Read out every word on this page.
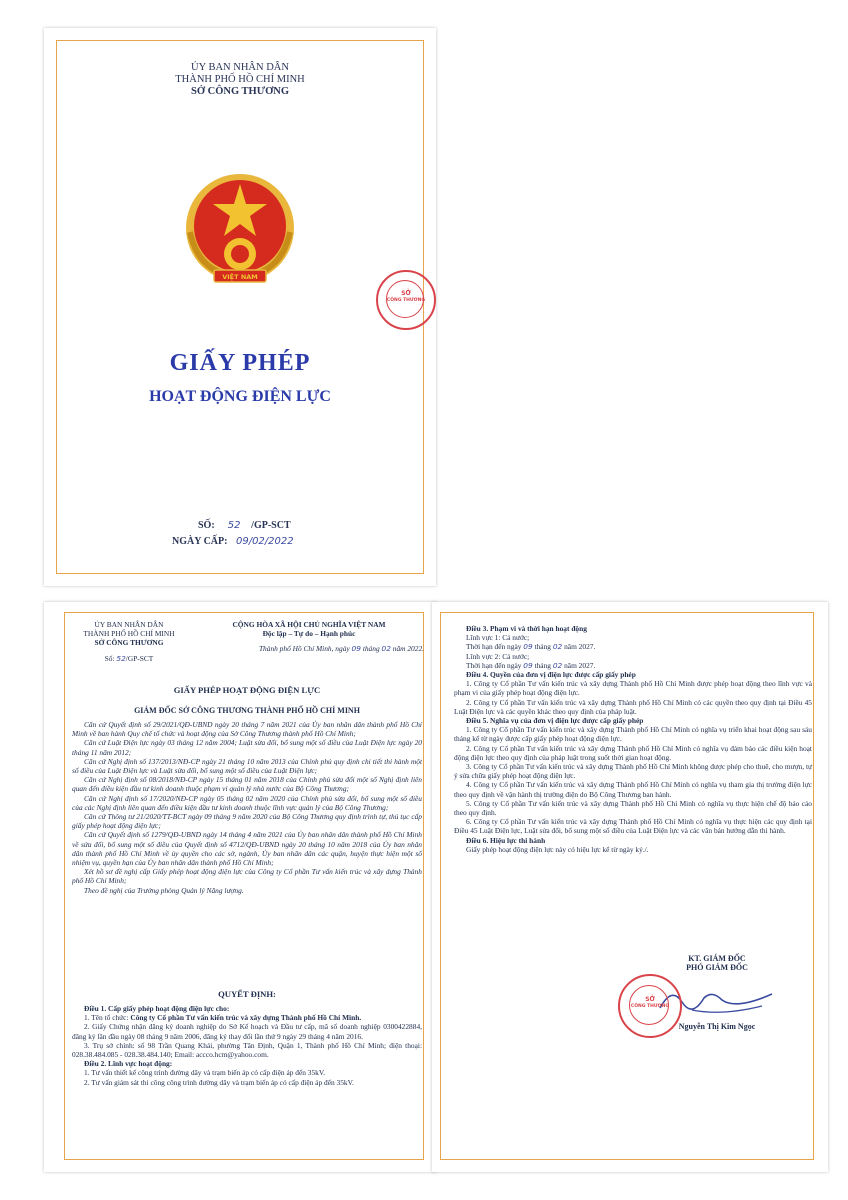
ỦY BAN NHÂN DÂN
THÀNH PHỐ HỒ CHÍ MINH
SỞ CÔNG THƯƠNG
VIỆT NAM
GIẤY PHÉP
HOẠT ĐỘNG ĐIỆN LỰC
SỐ: 52 /GP-SCT
NGÀY CẤP: 09/02/2022
SỞ
CÔNG THƯƠNG
ỦY BAN NHÂN DÂN
THÀNH PHỐ HỒ CHÍ MINH
SỞ CÔNG THƯƠNG
Số: 52/GP-SCT
CỘNG HÒA XÃ HỘI CHỦ NGHĨA VIỆT NAM
Độc lập – Tự do – Hạnh phúc
Thành phố Hồ Chí Minh, ngày 09 tháng 02 năm 2022.
GIẤY PHÉP HOẠT ĐỘNG ĐIỆN LỰC
GIÁM ĐỐC SỞ CÔNG THƯƠNG THÀNH PHỐ HỒ CHÍ MINH
Căn cứ Quyết định số 29/2021/QĐ-UBND ngày 20 tháng 7 năm 2021 của Ủy ban nhân dân thành phố Hồ Chí Minh về ban hành Quy chế tổ chức và hoạt động của Sở Công Thương thành phố Hồ Chí Minh;
Căn cứ Luật Điện lực ngày 03 tháng 12 năm 2004; Luật sửa đổi, bổ sung một số điều của Luật Điện lực ngày 20 tháng 11 năm 2012;
Căn cứ Nghị định số 137/2013/NĐ-CP ngày 21 tháng 10 năm 2013 của Chính phủ quy định chi tiết thi hành một số điều của Luật Điện lực và Luật sửa đổi, bổ sung một số điều của Luật Điện lực;
Căn cứ Nghị định số 08/2018/NĐ-CP ngày 15 tháng 01 năm 2018 của Chính phủ sửa đổi một số Nghị định liên quan đến điều kiện đầu tư kinh doanh thuộc phạm vi quản lý nhà nước của Bộ Công Thương;
Căn cứ Nghị định số 17/2020/NĐ-CP ngày 05 tháng 02 năm 2020 của Chính phủ sửa đổi, bổ sung một số điều của các Nghị định liên quan đến điều kiện đầu tư kinh doanh thuộc lĩnh vực quản lý của Bộ Công Thương;
Căn cứ Thông tư 21/2020/TT-BCT ngày 09 tháng 9 năm 2020 của Bộ Công Thương quy định trình tự, thủ tục cấp giấy phép hoạt động điện lực;
Căn cứ Quyết định số 1279/QĐ-UBND ngày 14 tháng 4 năm 2021 của Ủy ban nhân dân thành phố Hồ Chí Minh về sửa đổi, bổ sung một số điều của Quyết định số 4712/QĐ-UBND ngày 20 tháng 10 năm 2018 của Ủy ban nhân dân thành phố Hồ Chí Minh về ủy quyền cho các sở, ngành, Ủy ban nhân dân các quận, huyện thực hiện một số nhiệm vụ, quyền hạn của Ủy ban nhân dân thành phố Hồ Chí Minh;
Xét hồ sơ đề nghị cấp Giấy phép hoạt động điện lực của Công ty Cổ phần Tư vấn kiến trúc và xây dựng Thành phố Hồ Chí Minh;
Theo đề nghị của Trưởng phòng Quản lý Năng lượng.
QUYẾT ĐỊNH:
Điều 1. Cấp giấy phép hoạt động điện lực cho:
1. Tên tổ chức: Công ty Cổ phần Tư vấn kiến trúc và xây dựng Thành phố Hồ Chí Minh.
2. Giấy Chứng nhận đăng ký doanh nghiệp do Sở Kế hoạch và Đầu tư cấp, mã số doanh nghiệp 0300422884, đăng ký lần đầu ngày 08 tháng 9 năm 2006, đăng ký thay đổi lần thứ 9 ngày 29 tháng 4 năm 2016.
3. Trụ sở chính: số 98 Trần Quang Khải, phường Tân Định, Quận 1, Thành phố Hồ Chí Minh; điện thoại: 028.38.484.085 - 028.38.484.140; Email: accco.hcm@yahoo.com.
Điều 2. Lĩnh vực hoạt động:
1. Tư vấn thiết kế công trình đường dây và trạm biến áp có cấp điện áp đến 35kV.
2. Tư vấn giám sát thi công công trình đường dây và trạm biến áp có cấp điện áp đến 35kV.
Điều 3. Phạm vi và thời hạn hoạt động
Lĩnh vực 1: Cả nước;
Thời hạn đến ngày 09 tháng 02 năm 2027.
Lĩnh vực 2: Cả nước;
Thời hạn đến ngày 09 tháng 02 năm 2027.
Điều 4. Quyền của đơn vị điện lực được cấp giấy phép
1. Công ty Cổ phần Tư vấn kiến trúc và xây dựng Thành phố Hồ Chí Minh được phép hoạt động theo lĩnh vực và phạm vi của giấy phép hoạt động điện lực.
2. Công ty Cổ phần Tư vấn kiến trúc và xây dựng Thành phố Hồ Chí Minh có các quyền theo quy định tại Điều 45 Luật Điện lực và các quyền khác theo quy định của pháp luật.
Điều 5. Nghĩa vụ của đơn vị điện lực được cấp giấy phép
1. Công ty Cổ phần Tư vấn kiến trúc và xây dựng Thành phố Hồ Chí Minh có nghĩa vụ triển khai hoạt động sau sáu tháng kể từ ngày được cấp giấy phép hoạt động điện lực.
2. Công ty Cổ phần Tư vấn kiến trúc và xây dựng Thành phố Hồ Chí Minh có nghĩa vụ đảm bảo các điều kiện hoạt động điện lực theo quy định của pháp luật trong suốt thời gian hoạt động.
3. Công ty Cổ phần Tư vấn kiến trúc và xây dựng Thành phố Hồ Chí Minh không được phép cho thuê, cho mượn, tự ý sửa chữa giấy phép hoạt động điện lực.
4. Công ty Cổ phần Tư vấn kiến trúc và xây dựng Thành phố Hồ Chí Minh có nghĩa vụ tham gia thị trường điện lực theo quy định về vận hành thị trường điện do Bộ Công Thương ban hành.
5. Công ty Cổ phần Tư vấn kiến trúc và xây dựng Thành phố Hồ Chí Minh có nghĩa vụ thực hiện chế độ báo cáo theo quy định.
6. Công ty Cổ phần Tư vấn kiến trúc và xây dựng Thành phố Hồ Chí Minh có nghĩa vụ thực hiện các quy định tại Điều 45 Luật Điện lực, Luật sửa đổi, bổ sung một số điều của Luật Điện lực và các văn bản hướng dẫn thi hành.
Điều 6. Hiệu lực thi hành
Giấy phép hoạt động điện lực này có hiệu lực kể từ ngày ký./.
KT. GIÁM ĐỐC
PHÓ GIÁM ĐỐC
SỞ
CÔNG THƯƠNG
Nguyễn Thị Kim Ngọc
